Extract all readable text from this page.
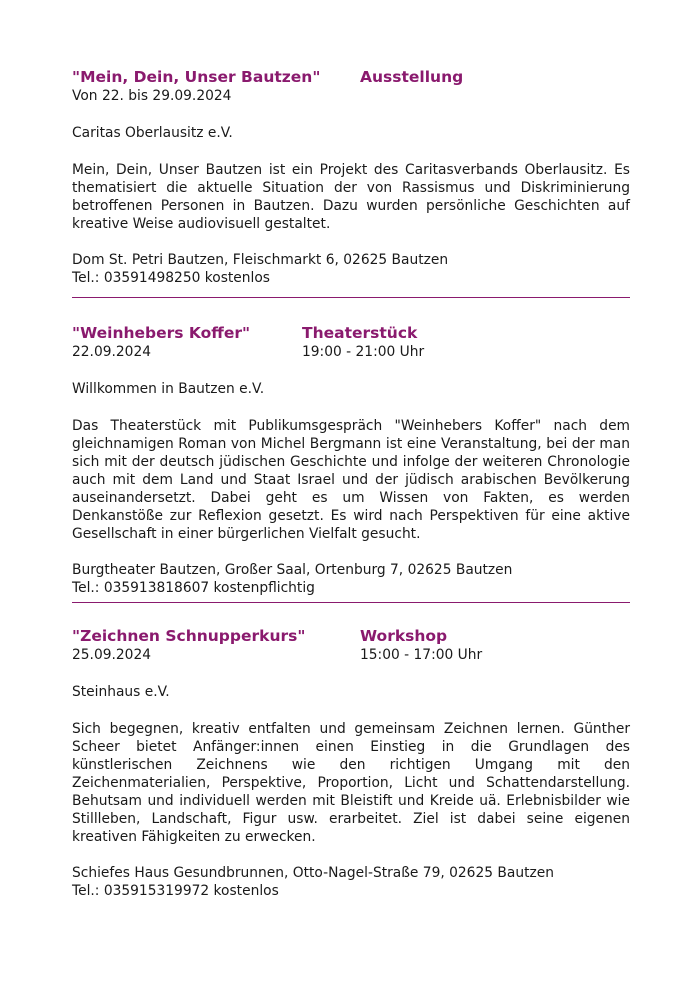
"Mein, Dein, Unser Bautzen"	Ausstellung
Von 22. bis 29.09.2024
Caritas Oberlausitz e.V.

Mein, Dein, Unser Bautzen ist ein Projekt des Caritasverbands Oberlausitz. Es thematisiert die aktuelle Situation der von Rassismus und Diskriminierung betroffenen Personen in Bautzen. Dazu wurden persönliche Geschichten auf kreative Weise audiovisuell gestaltet.

Dom St. Petri Bautzen, Fleischmarkt 6, 02625 Bautzen
Tel.: 03591498250 kostenlos
"Weinhebers Koffer"	Theaterstück
22.09.2024	19:00 - 21:00 Uhr
Willkommen in Bautzen e.V.

Das Theaterstück mit Publikumsgespräch "Weinhebers Koffer" nach dem gleichnamigen Roman von Michel Bergmann ist eine Veranstaltung, bei der man sich mit der deutsch jüdischen Geschichte und infolge der weiteren Chronologie auch mit dem Land und Staat Israel und der jüdisch arabischen Bevölkerung auseinandersetzt. Dabei geht es um Wissen von Fakten, es werden Denkanstöße zur Reflexion gesetzt. Es wird nach Perspektiven für eine aktive Gesellschaft in einer bürgerlichen Vielfalt gesucht.

Burgtheater Bautzen, Großer Saal, Ortenburg 7, 02625 Bautzen
Tel.: 035913818607 kostenpflichtig
"Zeichnen Schnupperkurs"	Workshop
25.09.2024	15:00 - 17:00 Uhr
Steinhaus e.V.

Sich begegnen, kreativ entfalten und gemeinsam Zeichnen lernen. Günther Scheer bietet Anfänger:innen einen Einstieg in die Grundlagen des künstlerischen Zeichnens wie den richtigen Umgang mit den Zeichenmaterialien, Perspektive, Proportion, Licht und Schattendarstellung. Behutsam und individuell werden mit Bleistift und Kreide uä. Erlebnisbilder wie Stillleben, Landschaft, Figur usw. erarbeitet. Ziel ist dabei seine eigenen kreativen Fähigkeiten zu erwecken.

Schiefes Haus Gesundbrunnen, Otto-Nagel-Straße 79, 02625 Bautzen
Tel.: 035915319972 kostenlos
